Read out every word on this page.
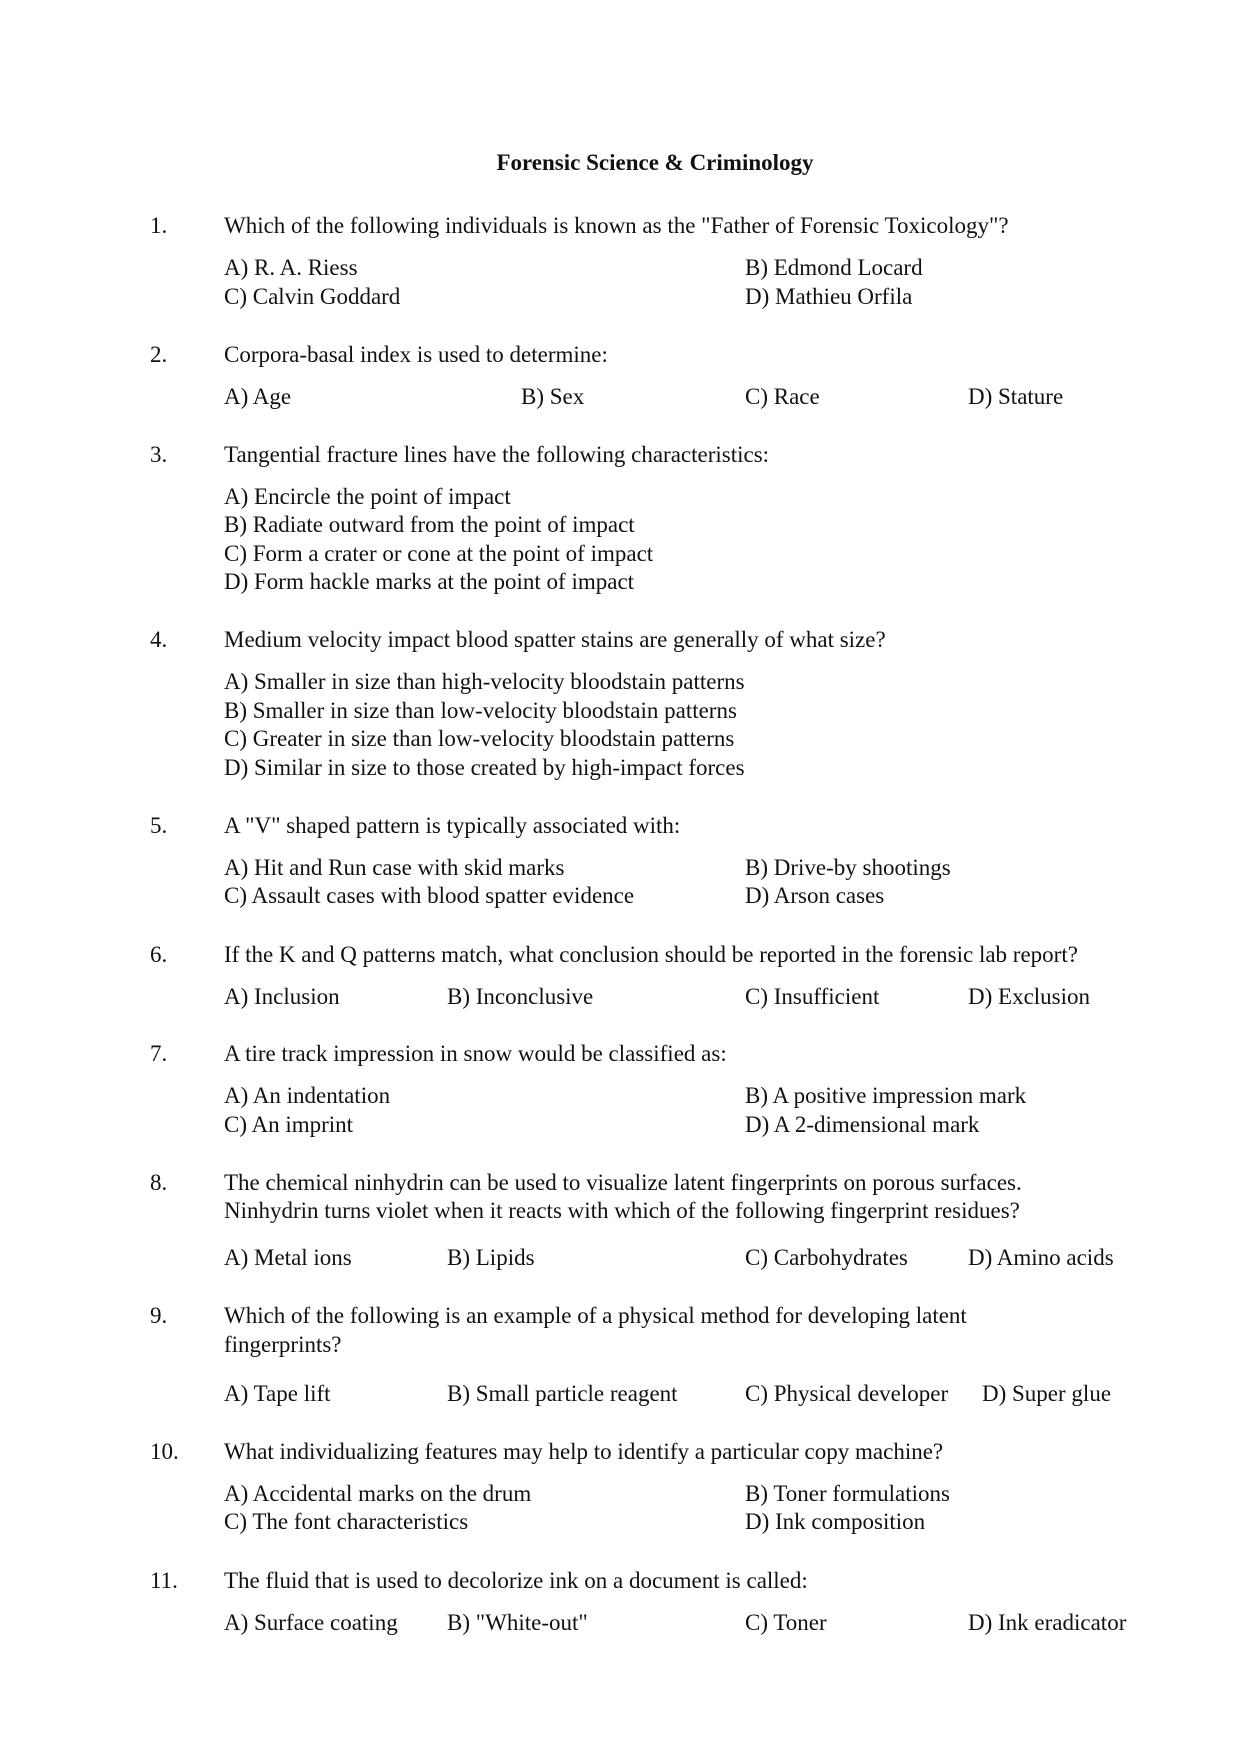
Forensic Science & Criminology
1. Which of the following individuals is known as the "Father of Forensic Toxicology"?
A) R. A. Riess	B) Edmond Locard
C) Calvin Goddard	D) Mathieu Orfila
2. Corpora-basal index is used to determine:
A) Age	B) Sex	C) Race	D) Stature
3. Tangential fracture lines have the following characteristics:
A) Encircle the point of impact
B) Radiate outward from the point of impact
C) Form a crater or cone at the point of impact
D) Form hackle marks at the point of impact
4. Medium velocity impact blood spatter stains are generally of what size?
A) Smaller in size than high-velocity bloodstain patterns
B) Smaller in size than low-velocity bloodstain patterns
C) Greater in size than low-velocity bloodstain patterns
D) Similar in size to those created by high-impact forces
5. A "V" shaped pattern is typically associated with:
A) Hit and Run case with skid marks	B) Drive-by shootings
C) Assault cases with blood spatter evidence	D) Arson cases
6. If the K and Q patterns match, what conclusion should be reported in the forensic lab report?
A) Inclusion	B) Inconclusive	C) Insufficient	D) Exclusion
7. A tire track impression in snow would be classified as:
A) An indentation	B) A positive impression mark
C) An imprint	D) A 2-dimensional mark
8. The chemical ninhydrin can be used to visualize latent fingerprints on porous surfaces.
Ninhydrin turns violet when it reacts with which of the following fingerprint residues?
A) Metal ions	B) Lipids	C) Carbohydrates	D) Amino acids
9. Which of the following is an example of a physical method for developing latent
fingerprints?
A) Tape lift	B) Small particle reagent	C) Physical developer D) Super glue
10. What individualizing features may help to identify a particular copy machine?
A) Accidental marks on the drum	B) Toner formulations
C) The font characteristics	D) Ink composition
11. The fluid that is used to decolorize ink on a document is called:
A) Surface coating B) "White-out"	C) Toner	D) Ink eradicator
